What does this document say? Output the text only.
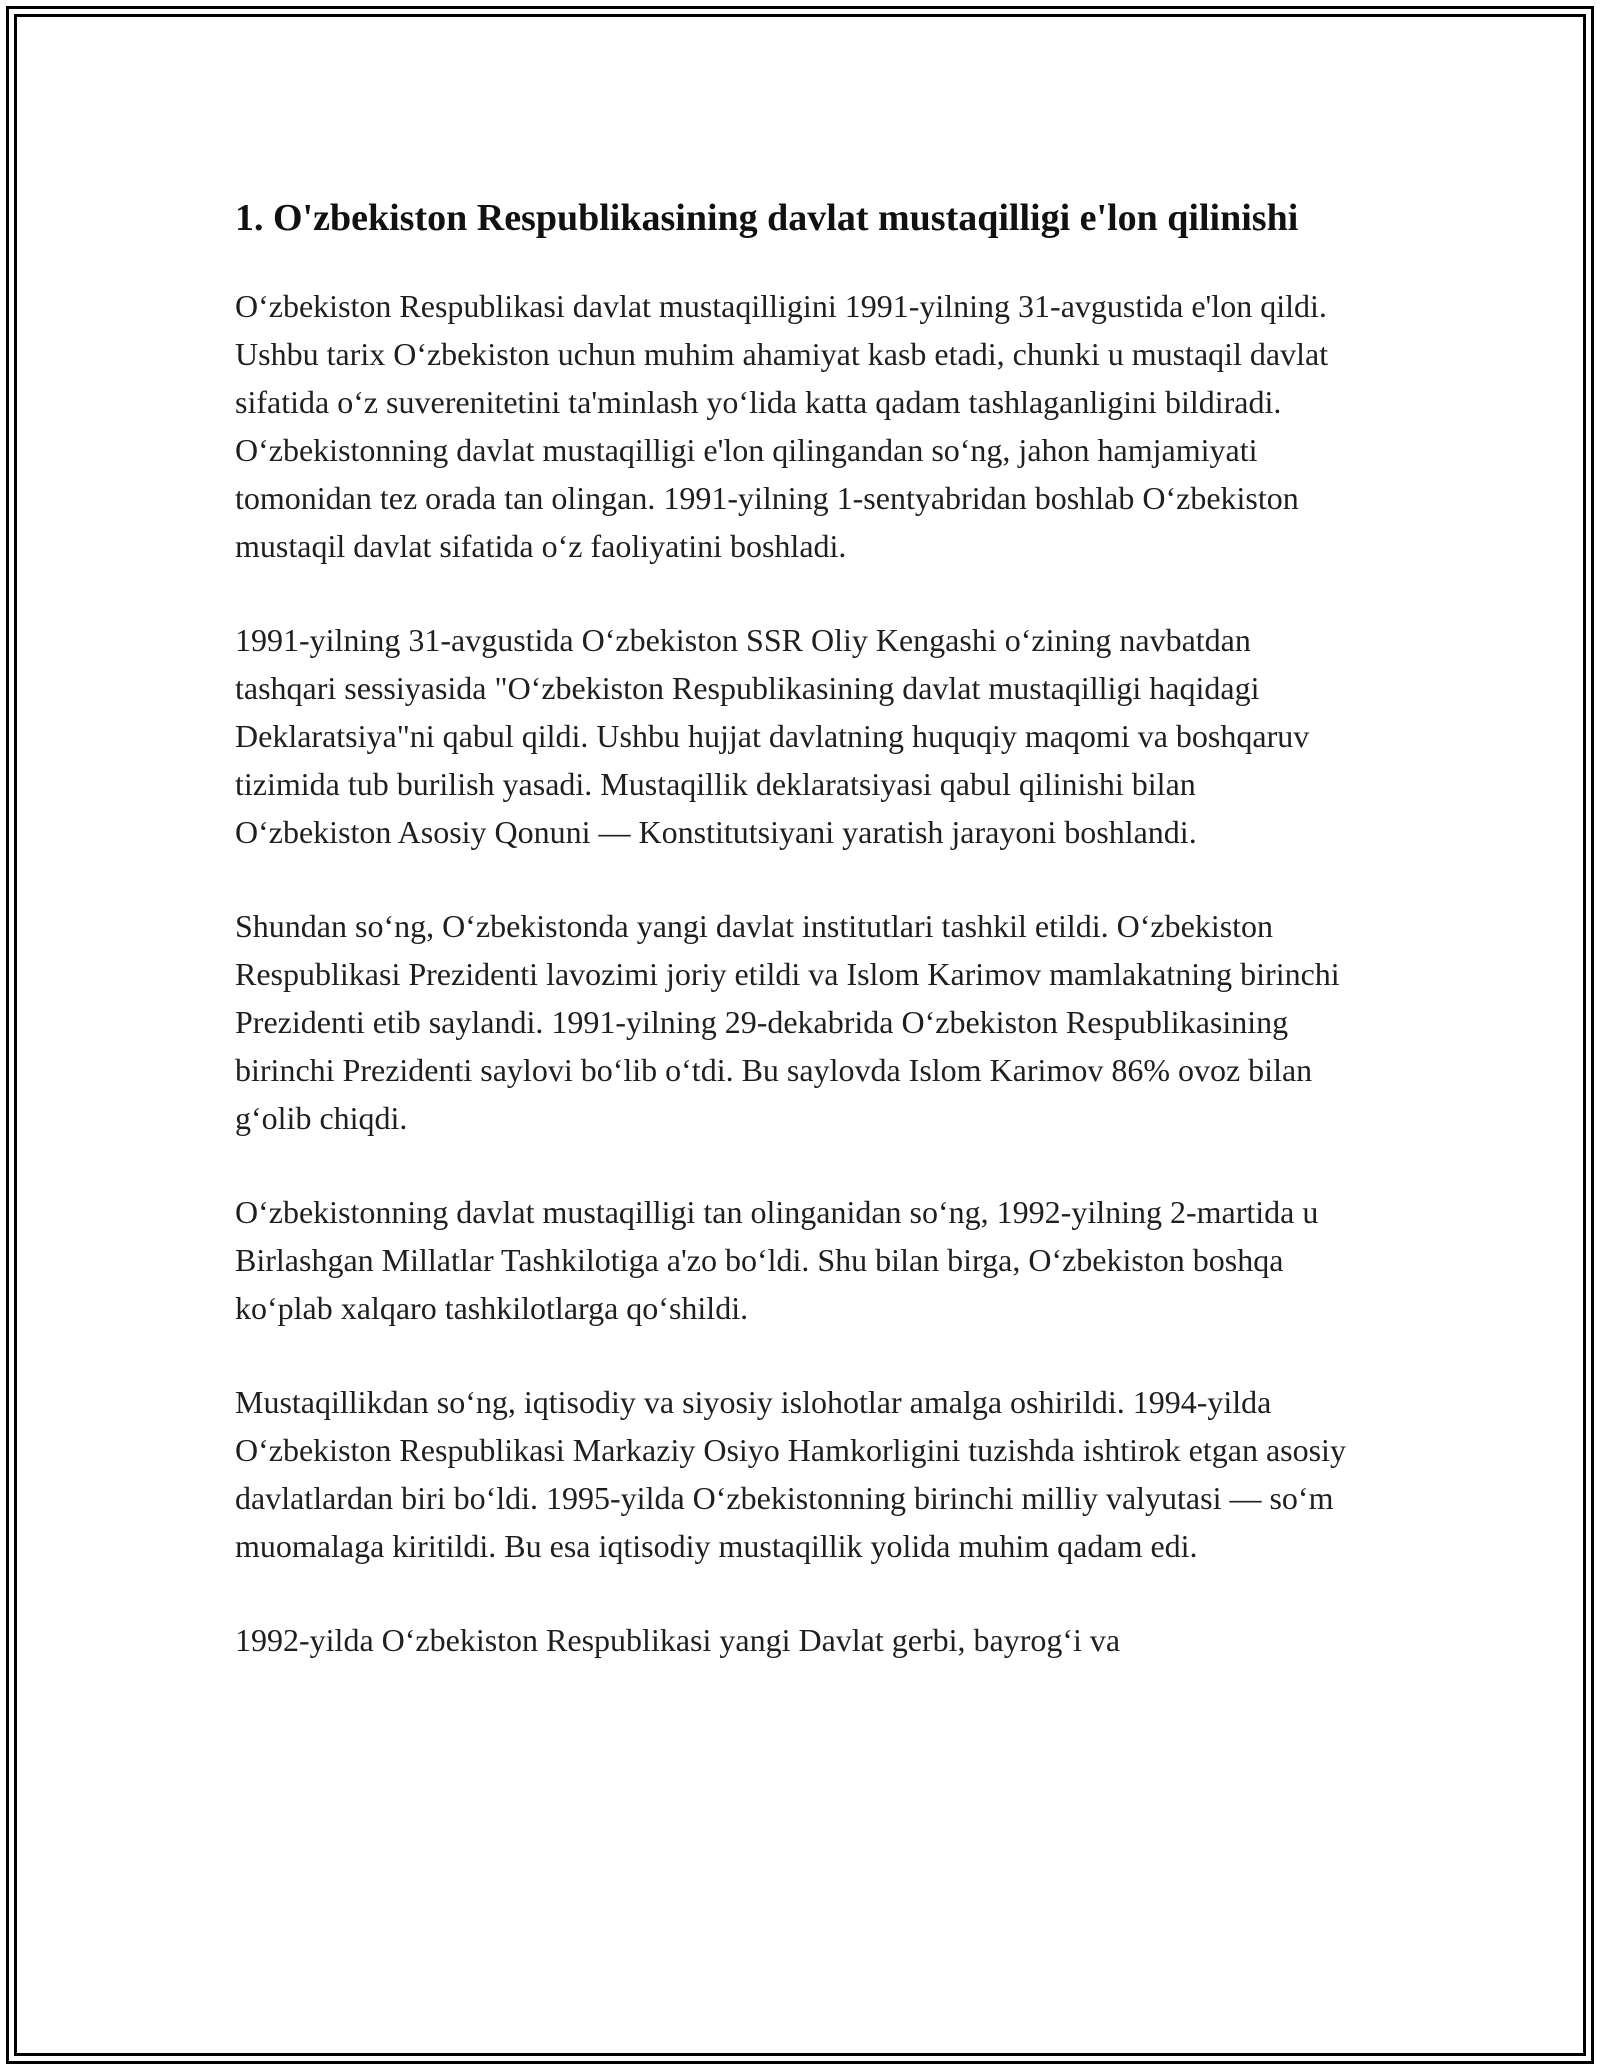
1. O'zbekiston Respublikasining davlat mustaqilligi e'lon qilinishi

O‘zbekiston Respublikasi davlat mustaqilligini 1991-yilning 31-avgustida e'lon qildi. Ushbu tarix O‘zbekiston uchun muhim ahamiyat kasb etadi, chunki u mustaqil davlat sifatida o‘z suverenitetini ta'minlash yo‘lida katta qadam tashlaganligini bildiradi. O‘zbekistonning davlat mustaqilligi e'lon qilingandan so‘ng, jahon hamjamiyati tomonidan tez orada tan olingan. 1991-yilning 1-sentyabridan boshlab O‘zbekiston mustaqil davlat sifatida o‘z faoliyatini boshladi.

1991-yilning 31-avgustida O‘zbekiston SSR Oliy Kengashi o‘zining navbatdan tashqari sessiyasida "O‘zbekiston Respublikasining davlat mustaqilligi haqidagi Deklaratsiya"ni qabul qildi. Ushbu hujjat davlatning huquqiy maqomi va boshqaruv tizimida tub burilish yasadi. Mustaqillik deklaratsiyasi qabul qilinishi bilan O‘zbekiston Asosiy Qonuni — Konstitutsiyani yaratish jarayoni boshlandi.

Shundan so‘ng, O‘zbekistonda yangi davlat institutlari tashkil etildi. O‘zbekiston Respublikasi Prezidenti lavozimi joriy etildi va Islom Karimov mamlakatning birinchi Prezidenti etib saylandi. 1991-yilning 29-dekabrida O‘zbekiston Respublikasining birinchi Prezidenti saylovi bo‘lib o‘tdi. Bu saylovda Islom Karimov 86% ovoz bilan g‘olib chiqdi.

O‘zbekistonning davlat mustaqilligi tan olinganidan so‘ng, 1992-yilning 2-martida u Birlashgan Millatlar Tashkilotiga a'zo bo‘ldi. Shu bilan birga, O‘zbekiston boshqa ko‘plab xalqaro tashkilotlarga qo‘shildi.

Mustaqillikdan so‘ng, iqtisodiy va siyosiy islohotlar amalga oshirildi. 1994-yilda O‘zbekiston Respublikasi Markaziy Osiyo Hamkorligini tuzishda ishtirok etgan asosiy davlatlardan biri bo‘ldi. 1995-yilda O‘zbekistonning birinchi milliy valyutasi — so‘m muomalaga kiritildi. Bu esa iqtisodiy mustaqillik yolida muhim qadam edi.

1992-yilda O‘zbekiston Respublikasi yangi Davlat gerbi, bayrog‘i va
